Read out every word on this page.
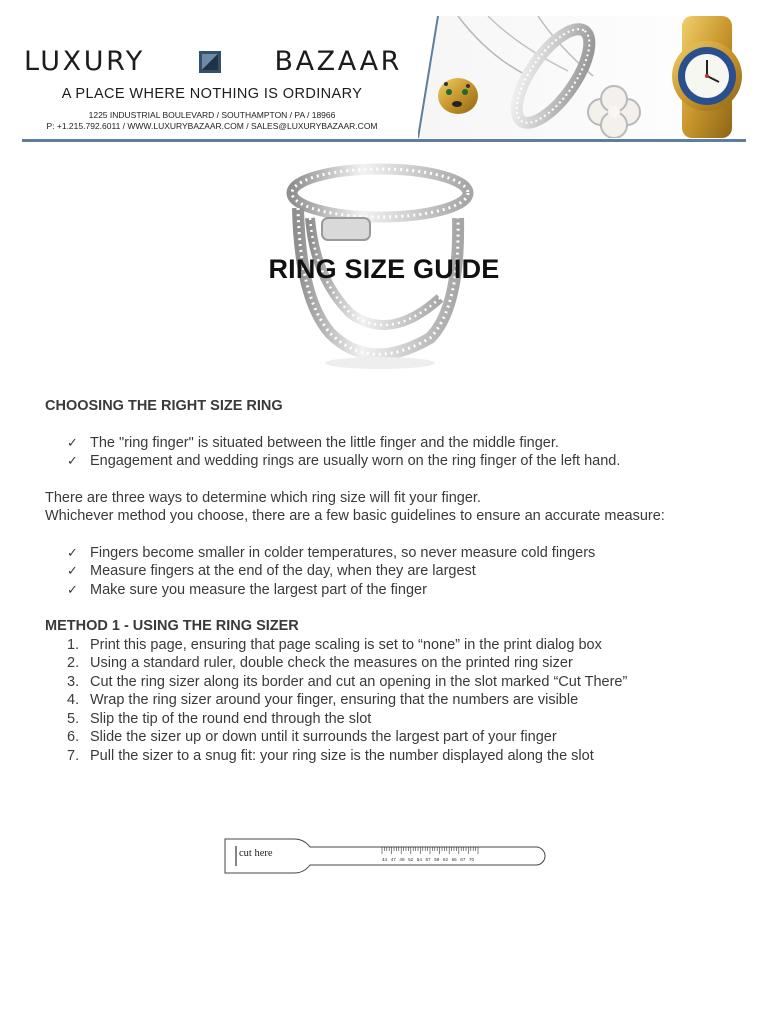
LUXURY	BAZAAR
A PLACE WHERE NOTHING IS ORDINARY
1225 INDUSTRIAL BOULEVARD / SOUTHAMPTON / PA / 18966
P: +1.215.792.6011 / WWW.LUXURYBAZAAR.COM / SALES@LUXURYBAZAAR.COM
RING SIZE GUIDE
CHOOSING THE RIGHT SIZE RING
✓ The "ring finger" is situated between the little finger and the middle finger.
✓ Engagement and wedding rings are usually worn on the ring finger of the left hand.

There are three ways to determine which ring size will fit your finger.

Whichever method you choose, there are a few basic guidelines to ensure an accurate measure:

✓ Fingers become smaller in colder temperatures, so never measure cold fingers
✓ Measure fingers at the end of the day, when they are largest
✓ Make sure you measure the largest part of the finger
METHOD 1 - USING THE RING SIZER
1. Print this page, ensuring that page scaling is set to “none” in the print dialog box
2. Using a standard ruler, double check the measures on the printed ring sizer
3. Cut the ring sizer along its border and cut an opening in the slot marked “Cut There”
4. Wrap the ring sizer around your finger, ensuring that the numbers are visible
5. Slip the tip of the round end through the slot
6. Slide the sizer up or down until it surrounds the largest part of your finger
7. Pull the sizer to a snug fit: your ring size is the number displayed along the slot
44 47 49 52 54 57 59 62 65 67 70
cut here
